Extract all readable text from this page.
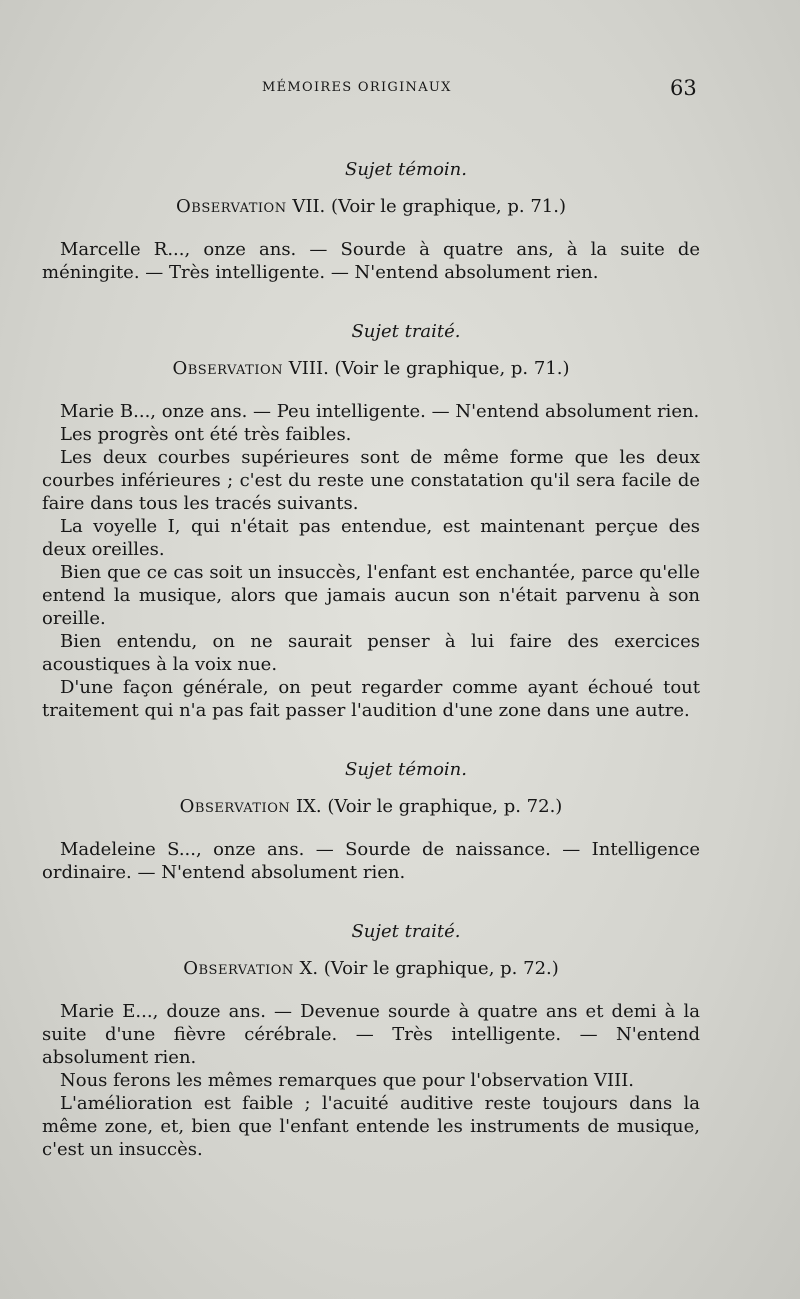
MÉMOIRES ORIGINAUX	63

Sujet témoin.

Observation VII. (Voir le graphique, p. 71.)

Marcelle R..., onze ans. — Sourde à quatre ans, à la suite de méningite. — Très intelligente. — N'entend absolument rien.

Sujet traité.

Observation VIII. (Voir le graphique, p. 71.)

Marie B..., onze ans. — Peu intelligente. — N'entend absolument rien.

Les progrès ont été très faibles.

Les deux courbes supérieures sont de même forme que les deux courbes inférieures ; c'est du reste une constatation qu'il sera facile de faire dans tous les tracés suivants.

La voyelle I, qui n'était pas entendue, est maintenant perçue des deux oreilles.

Bien que ce cas soit un insuccès, l'enfant est enchantée, parce qu'elle entend la musique, alors que jamais aucun son n'était parvenu à son oreille.

Bien entendu, on ne saurait penser à lui faire des exercices acoustiques à la voix nue.

D'une façon générale, on peut regarder comme ayant échoué tout traitement qui n'a pas fait passer l'audition d'une zone dans une autre.

Sujet témoin.

Observation IX. (Voir le graphique, p. 72.)

Madeleine S..., onze ans. — Sourde de naissance. — Intelligence ordinaire. — N'entend absolument rien.

Sujet traité.

Observation X. (Voir le graphique, p. 72.)

Marie E..., douze ans. — Devenue sourde à quatre ans et demi à la suite d'une fièvre cérébrale. — Très intelligente. — N'entend absolument rien.

Nous ferons les mêmes remarques que pour l'observation VIII.

L'amélioration est faible ; l'acuité auditive reste toujours dans la même zone, et, bien que l'enfant entende les instruments de musique, c'est un insuccès.
